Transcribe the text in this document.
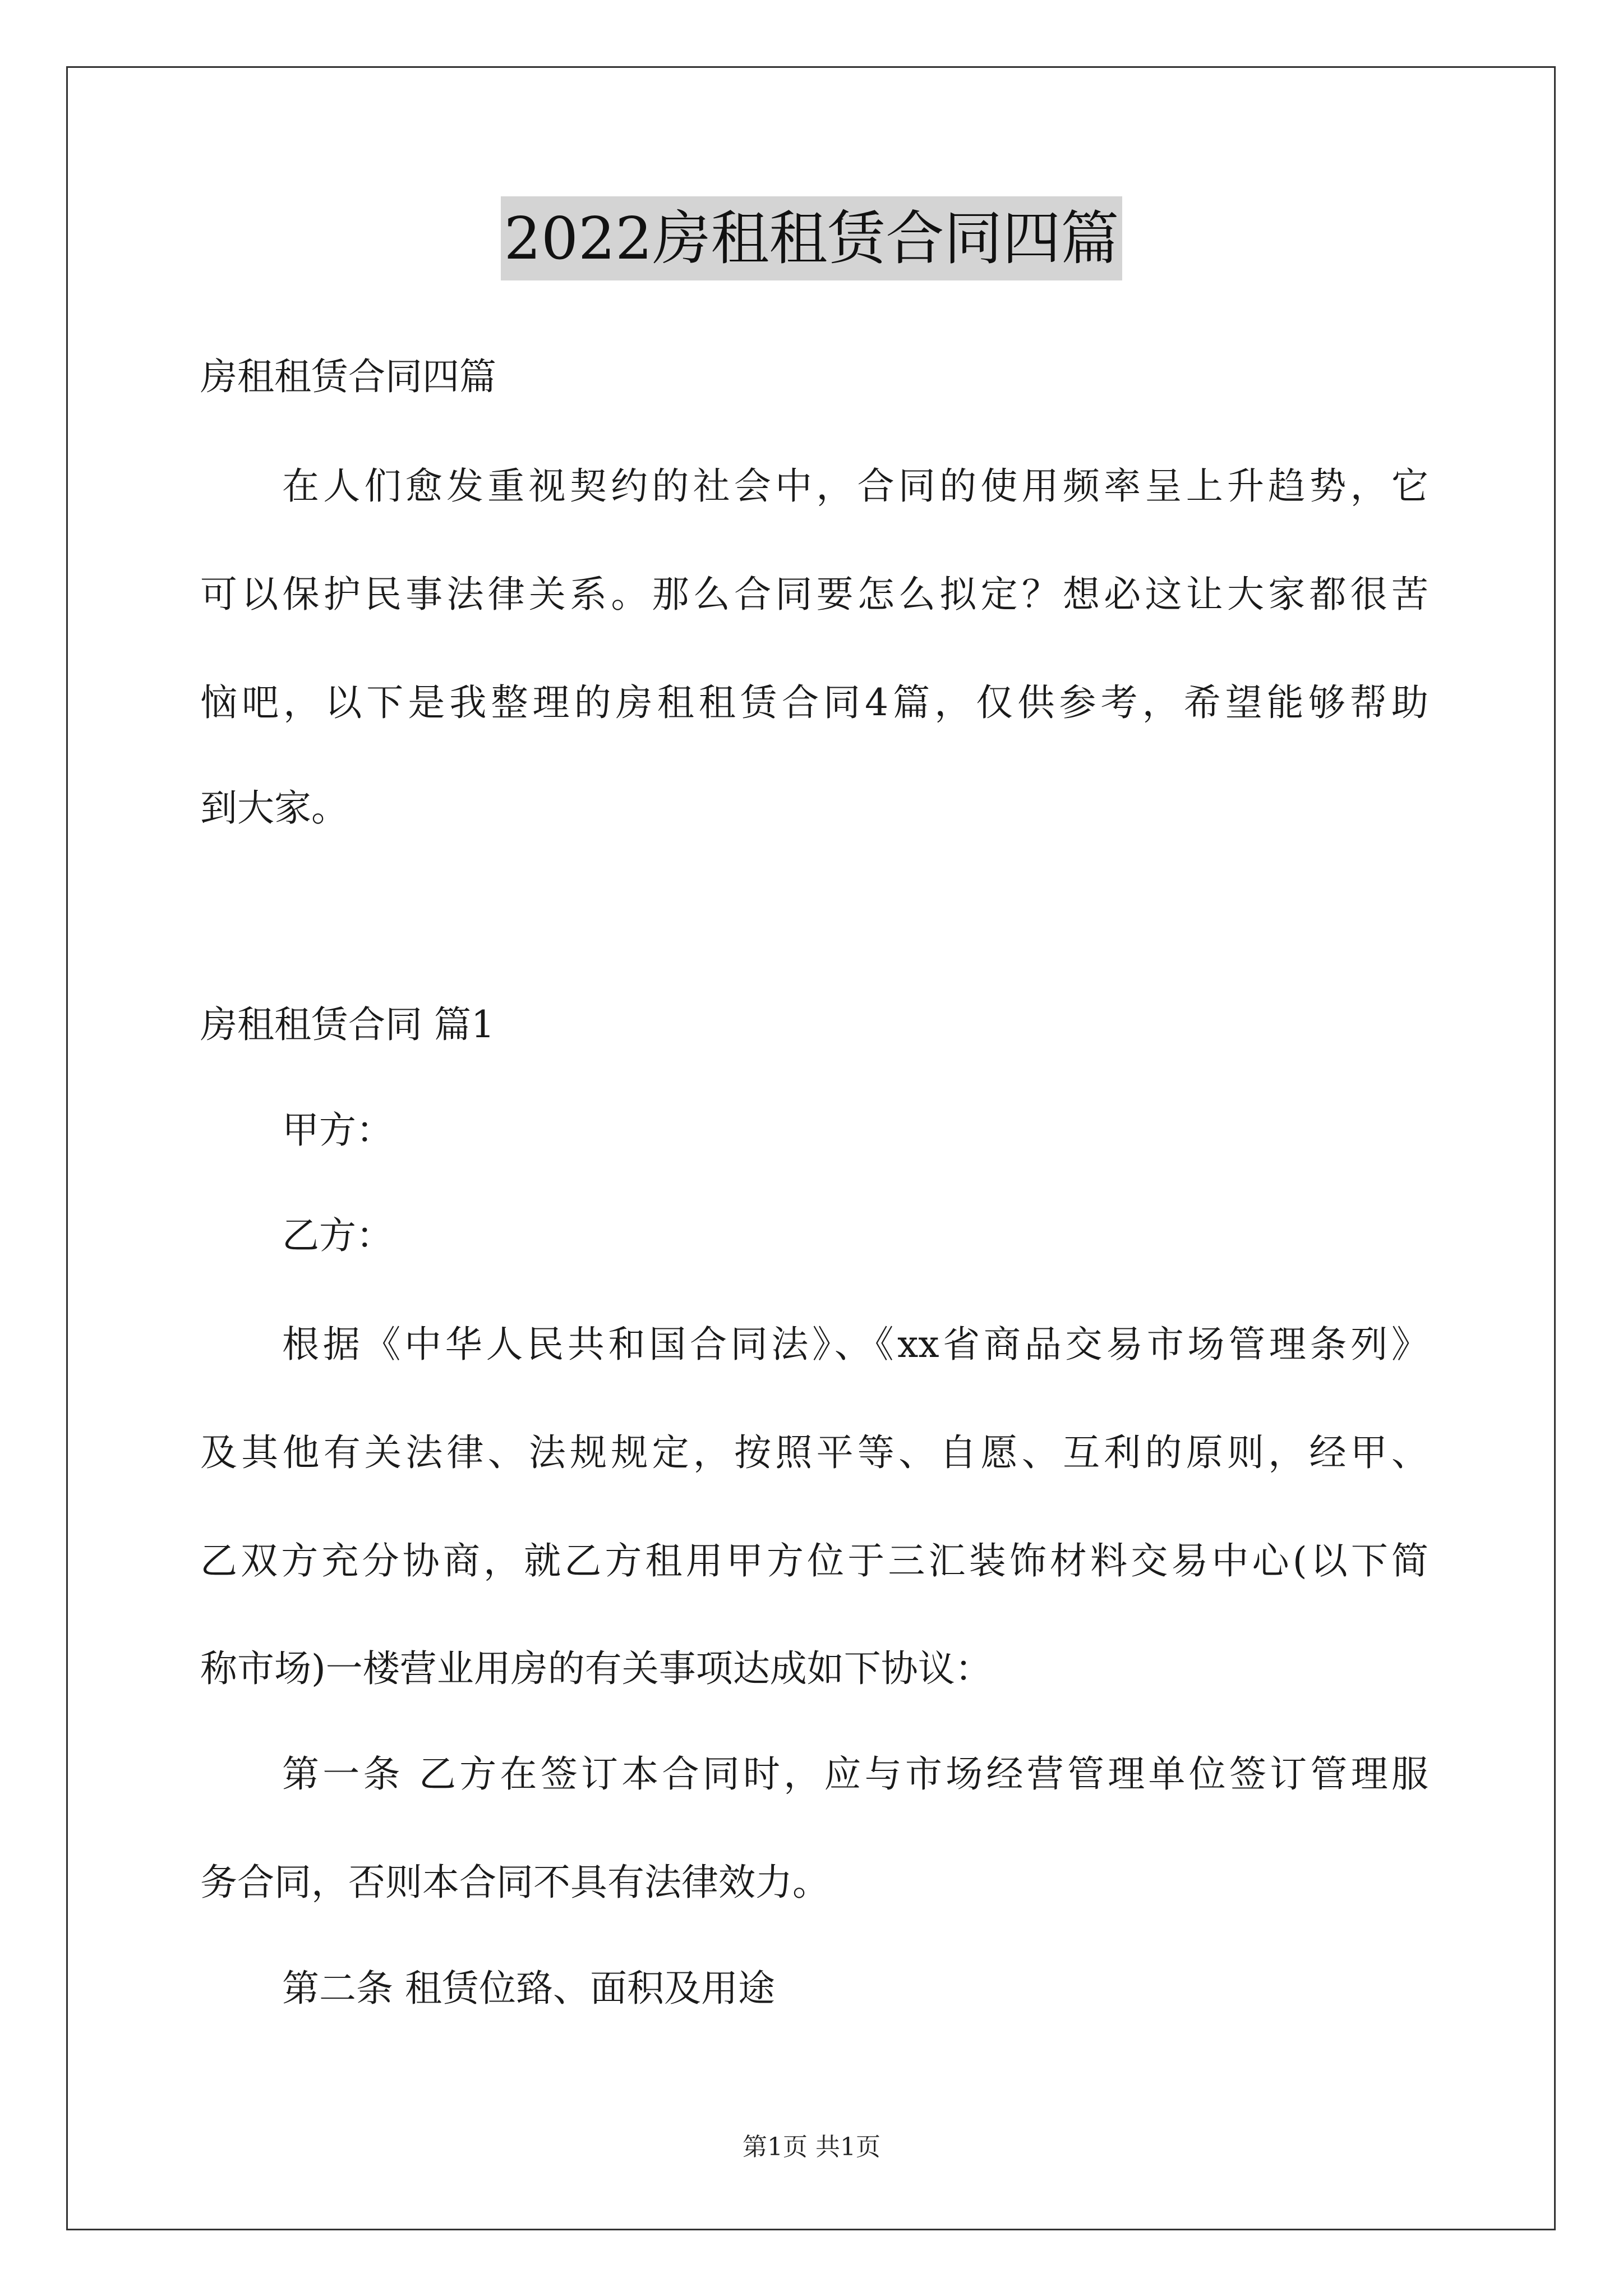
2022房租租赁合同四篇
房租租赁合同四篇
在人们愈发重视契约的社会中，合同的使用频率呈上升趋势，它
可以保护民事法律关系。那么合同要怎么拟定？想必这让大家都很苦
恼吧，以下是我整理的房租租赁合同4篇，仅供参考，希望能够帮助
到大家。
房租租赁合同 篇1
甲方：
乙方：
根据《中华人民共和国合同法》、《xx省商品交易市场管理条列》
及其他有关法律、法规规定，按照平等、自愿、互利的原则，经甲、
乙双方充分协商，就乙方租用甲方位于三汇装饰材料交易中心(以下简
称市场)一楼营业用房的有关事项达成如下协议：
第一条 乙方在签订本合同时，应与市场经营管理单位签订管理服
务合同，否则本合同不具有法律效力。
第二条 租赁位臵、面积及用途
第1页 共1页
